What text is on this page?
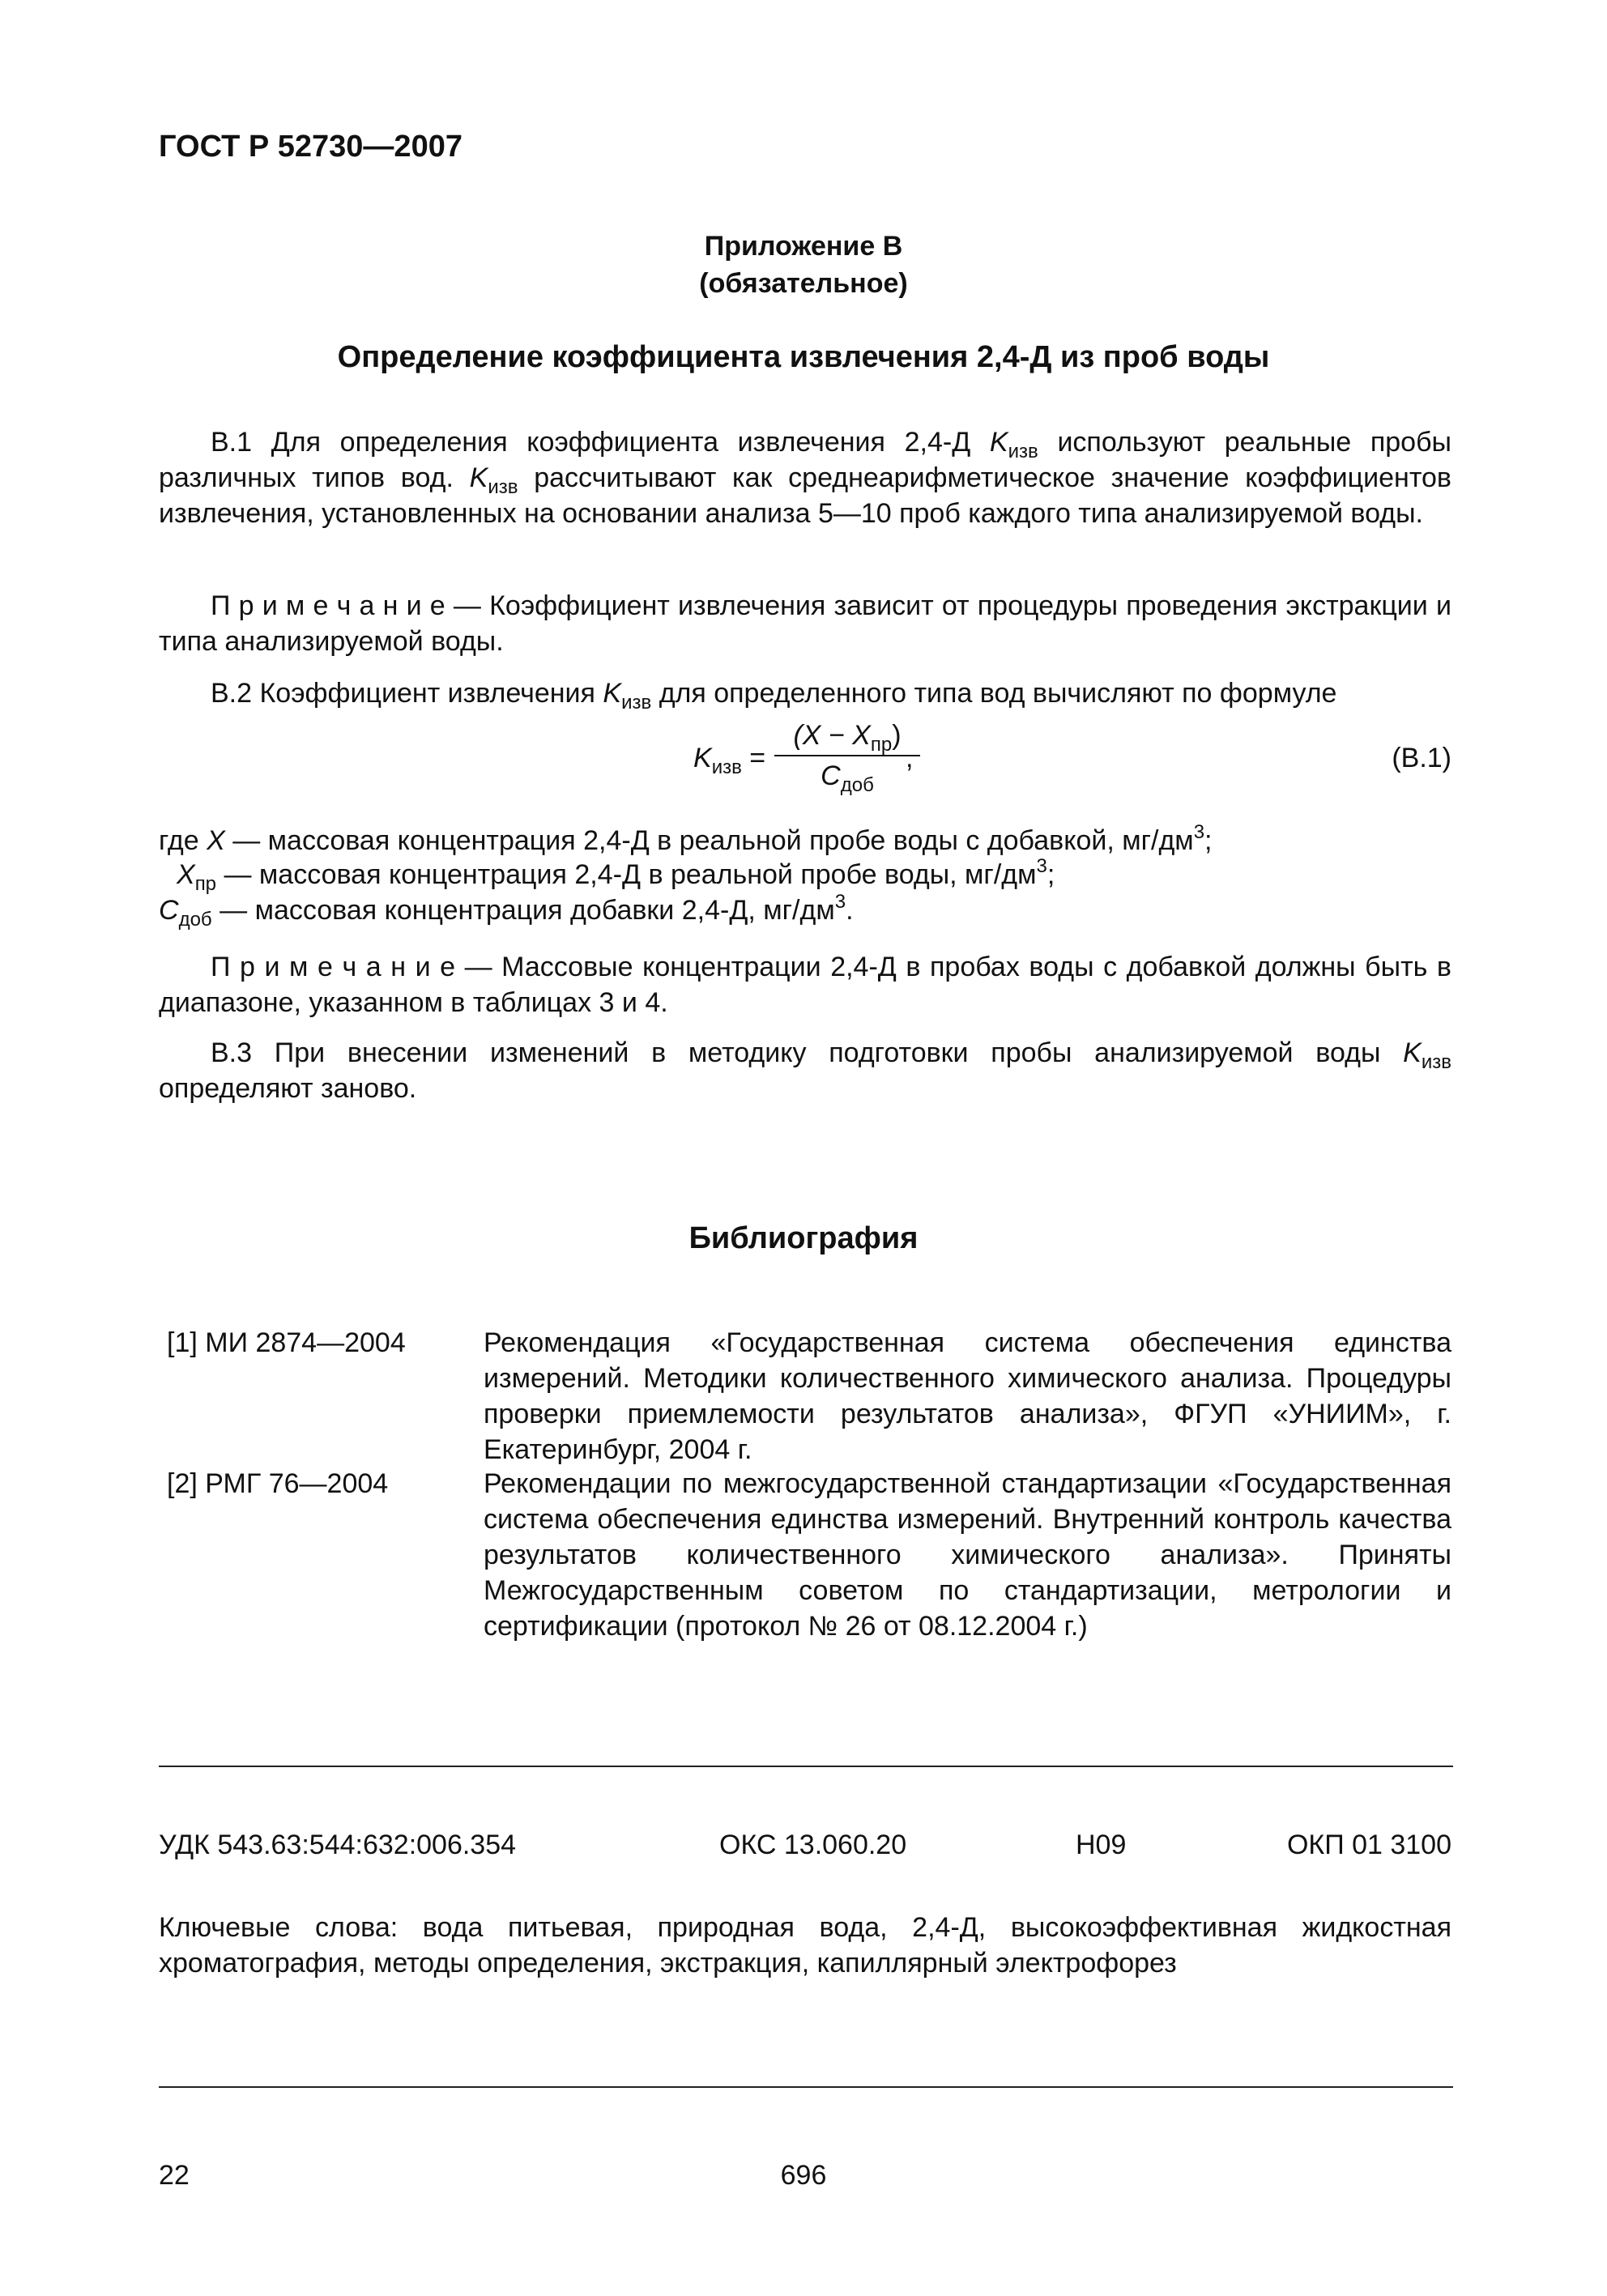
ГОСТ Р 52730—2007
Приложение В
(обязательное)
Определение коэффициента извлечения 2,4-Д из проб воды
В.1 Для определения коэффициента извлечения 2,4-Д $K_{изв}$ используют реальные пробы различных типов вод. $K_{изв}$ рассчитывают как среднеарифметическое значение коэффициентов извлечения, установленных на основании анализа 5—10 проб каждого типа анализируемой воды.
П р и м е ч а н и е — Коэффициент извлечения зависит от процедуры проведения экстракции и типа анализируемой воды.
В.2 Коэффициент извлечения $K_{изв}$ для определенного типа вод вычисляют по формуле
$K_{изв}$ =
$(X - X_{пр})$
$C_{доб}$
,	(В.1)
где X — массовая концентрация 2,4-Д в реальной пробе воды с добавкой, $мг/дм^3$;
$X_{пр}$ — массовая концентрация 2,4-Д в реальной пробе воды, $мг/дм^3$;
$C_{доб}$ — массовая концентрация добавки 2,4-Д, $мг/дм^3$.
П р и м е ч а н и е — Массовые концентрации 2,4-Д в пробах воды с добавкой должны быть в диапазоне, указанном в таблицах 3 и 4.
В.3 При внесении изменений в методику подготовки пробы анализируемой воды $K_{изв}$ определяют заново.
Библиография
[1] МИ 2874—2004	Рекомендация «Государственная система обеспечения единства измерений. Методики количественного химического анализа. Процедуры проверки приемлемости результатов анализа», ФГУП «УНИИМ», г. Екатеринбург, 2004 г.
[2] РМГ 76—2004	Рекомендации по межгосударственной стандартизации «Государственная система обеспечения единства измерений. Внутренний контроль качества результатов количественного химического анализа». Приняты Межгосударственным советом по стандартизации, метрологии и сертификации (протокол № 26 от 08.12.2004 г.)
УДК 543.63:544:632:006.354	ОКС 13.060.20	Н09	ОКП 01 3100
Ключевые слова: вода питьевая, природная вода, 2,4-Д, высокоэффективная жидкостная хроматография, методы определения, экстракция, капиллярный электрофорез
22	696
